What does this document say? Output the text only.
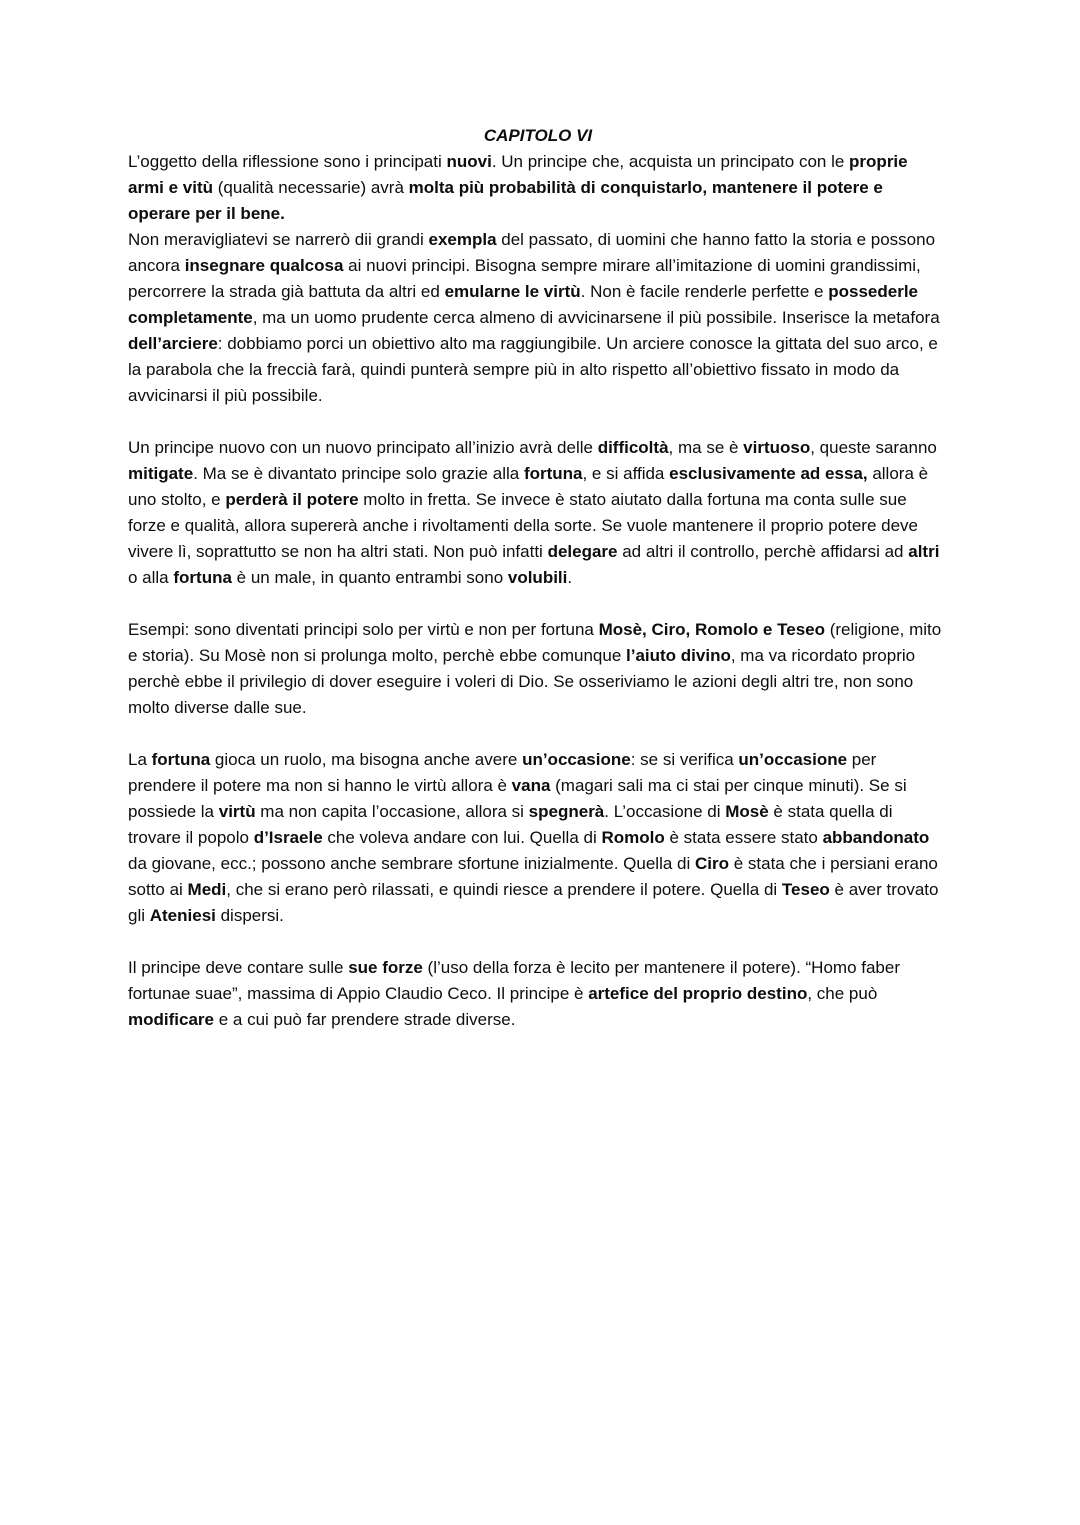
CAPITOLO VI

L’oggetto della riflessione sono i principati nuovi. Un principe che, acquista un principato con le proprie armi e vitù (qualità necessarie) avrà molta più probabilità di conquistarlo, mantenere il potere e operare per il bene.

Non meravigliatevi se narrerò dii grandi exempla del passato, di uomini che hanno fatto la storia e possono ancora insegnare qualcosa ai nuovi principi. Bisogna sempre mirare all’imitazione di uomini grandissimi, percorrere la strada già battuta da altri ed emularne le virtù. Non è facile renderle perfette e possederle completamente, ma un uomo prudente cerca almeno di avvicinarsene il più possibile. Inserisce la metafora dell’arciere: dobbiamo porci un obiettivo alto ma raggiungibile. Un arciere conosce la gittata del suo arco, e la parabola che la freccià farà, quindi punterà sempre più in alto rispetto all’obiettivo fissato in modo da avvicinarsi il più possibile.

Un principe nuovo con un nuovo principato all’inizio avrà delle difficoltà, ma se è virtuoso, queste saranno mitigate. Ma se è divantato principe solo grazie alla fortuna, e si affida esclusivamente ad essa, allora è uno stolto, e perderà il potere molto in fretta. Se invece è stato aiutato dalla fortuna ma conta sulle sue forze e qualità, allora supererà anche i rivoltamenti della sorte. Se vuole mantenere il proprio potere deve vivere lì, soprattutto se non ha altri stati. Non può infatti delegare ad altri il controllo, perchè affidarsi ad altri o alla fortuna è un male, in quanto entrambi sono volubili.

Esempi: sono diventati principi solo per virtù e non per fortuna Mosè, Ciro, Romolo e Teseo (religione, mito e storia). Su Mosè non si prolunga molto, perchè ebbe comunque l’aiuto divino, ma va ricordato proprio perchè ebbe il privilegio di dover eseguire i voleri di Dio. Se osseriviamo le azioni degli altri tre, non sono molto diverse dalle sue.

La fortuna gioca un ruolo, ma bisogna anche avere un’occasione: se si verifica un’occasione per prendere il potere ma non si hanno le virtù allora è vana (magari sali ma ci stai per cinque minuti). Se si possiede la virtù ma non capita l’occasione, allora si spegnerà. L’occasione di Mosè è stata quella di trovare il popolo d’Israele che voleva andare con lui. Quella di Romolo è stata essere stato abbandonato da giovane, ecc.; possono anche sembrare sfortune inizialmente. Quella di Ciro è stata che i persiani erano sotto ai Medi, che si erano però rilassati, e quindi riesce a prendere il potere. Quella di Teseo è aver trovato gli Ateniesi dispersi.

Il principe deve contare sulle sue forze (l’uso della forza è lecito per mantenere il potere). “Homo faber fortunae suae”, massima di Appio Claudio Ceco. Il principe è artefice del proprio destino, che può modificare e a cui può far prendere strade diverse.
